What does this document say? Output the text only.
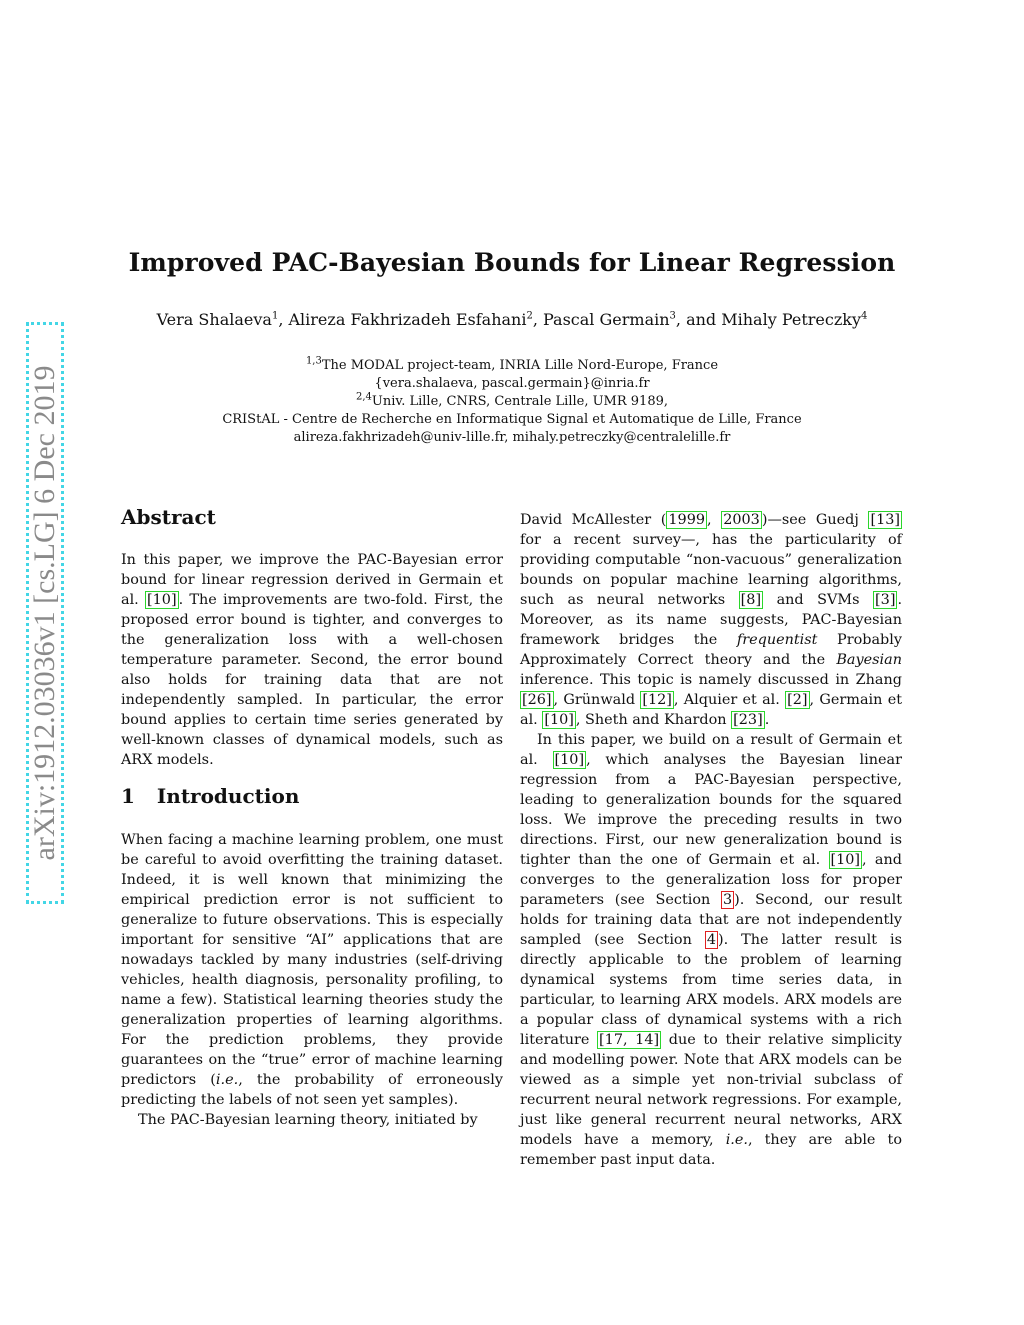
arXiv:1912.03036v1 [cs.LG] 6 Dec 2019
Improved PAC-Bayesian Bounds for Linear Regression
Vera Shalaeva$^1$, Alireza Fakhrizadeh Esfahani$^2$, Pascal Germain$^3$, and Mihaly Petreczky$^4$
$^{1,3}$The MODAL project-team, INRIA Lille Nord-Europe, France
{vera.shalaeva, pascal.germain}@inria.fr
$^{2,4}$Univ. Lille, CNRS, Centrale Lille, UMR 9189,
CRIStAL - Centre de Recherche en Informatique Signal et Automatique de Lille, France
alireza.fakhrizadeh@univ-lille.fr, mihaly.petreczky@centralelille.fr
Abstract

In this paper, we improve the PAC-Bayesian error bound for linear regression derived in Germain et al. [10] . The improvements are two-fold. First, the proposed error bound is tighter, and converges to the generalization loss with a well-chosen temperature parameter. Second, the error bound also holds for training data that are not independently sampled. In particular, the error bound applies to certain time series generated by well-known classes of dynamical models, such as ARX models.

1 Introduction

When facing a machine learning problem, one must be careful to avoid overfitting the training dataset. Indeed, it is well known that minimizing the empirical prediction error is not sufficient to generalize to future observations. This is especially important for sensitive “AI” applications that are nowadays tackled by many industries (self-driving vehicles, health diagnosis, personality profiling, to name a few). Statistical learning theories study the generalization properties of learning algorithms. For the prediction problems, they provide guarantees on the “true” error of machine learning predictors (i.e., the probability of erroneously predicting the labels of not seen yet samples).

The PAC-Bayesian learning theory, initiated by

David McAllester ( 1999 , 2003 )—see Guedj [13] for a recent survey—, has the particularity of providing computable “non-vacuous” generalization bounds on popular machine learning algorithms, such as neural networks [8] and SVMs [3] . Moreover, as its name suggests, PAC-Bayesian framework bridges the frequentist Probably Approximately Correct theory and the Bayesian inference. This topic is namely discussed in Zhang [26] , Grünwald [12] , Alquier et al. [2] , Germain et al. [10] , Sheth and Khardon [23] .

In this paper, we build on a result of Germain et al. [10] , which analyses the Bayesian linear regression from a PAC-Bayesian perspective, leading to generalization bounds for the squared loss. We improve the preceding results in two directions. First, our new generalization bound is tighter than the one of Germain et al. [10] , and converges to the generalization loss for proper parameters (see Section 3 ). Second, our result holds for training data that are not independently sampled (see Section 4 ). The latter result is directly applicable to the problem of learning dynamical systems from time series data, in particular, to learning ARX models. ARX models are a popular class of dynamical systems with a rich literature [17, 14] due to their relative simplicity and modelling power. Note that ARX models can be viewed as a simple yet non-trivial subclass of recurrent neural network regressions. For example, just like general recurrent neural networks, ARX models have a memory, i.e., they are able to remember past input data.
